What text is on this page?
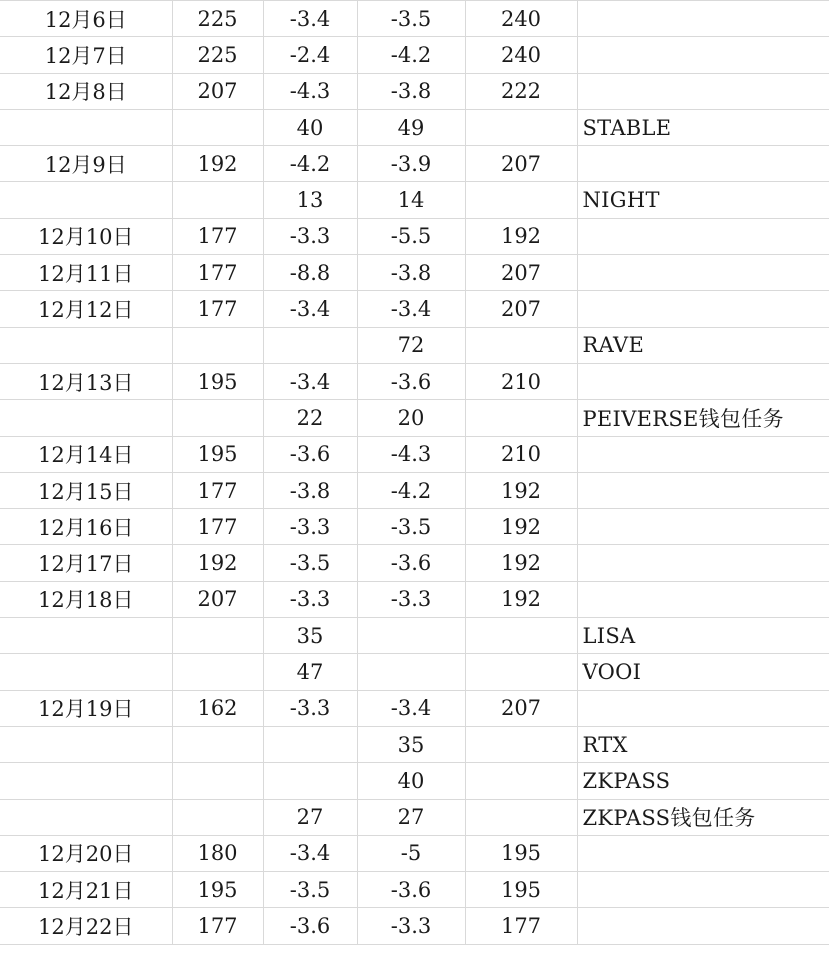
12月6日	225	-3.4	-3.5	240	
12月7日	225	-2.4	-4.2	240	
12月8日	207	-4.3	-3.8	222	
		40	49		STABLE
12月9日	192	-4.2	-3.9	207	
		13	14		NIGHT
12月10日	177	-3.3	-5.5	192	
12月11日	177	-8.8	-3.8	207	
12月12日	177	-3.4	-3.4	207	
			72		RAVE
12月13日	195	-3.4	-3.6	210	
		22	20		PEIVERSE钱包任务
12月14日	195	-3.6	-4.3	210	
12月15日	177	-3.8	-4.2	192	
12月16日	177	-3.3	-3.5	192	
12月17日	192	-3.5	-3.6	192	
12月18日	207	-3.3	-3.3	192	
		35			LISA
		47			VOOI
12月19日	162	-3.3	-3.4	207	
			35		RTX
			40		ZKPASS
		27	27		ZKPASS钱包任务
12月20日	180	-3.4	-5	195	
12月21日	195	-3.5	-3.6	195	
12月22日	177	-3.6	-3.3	177	
